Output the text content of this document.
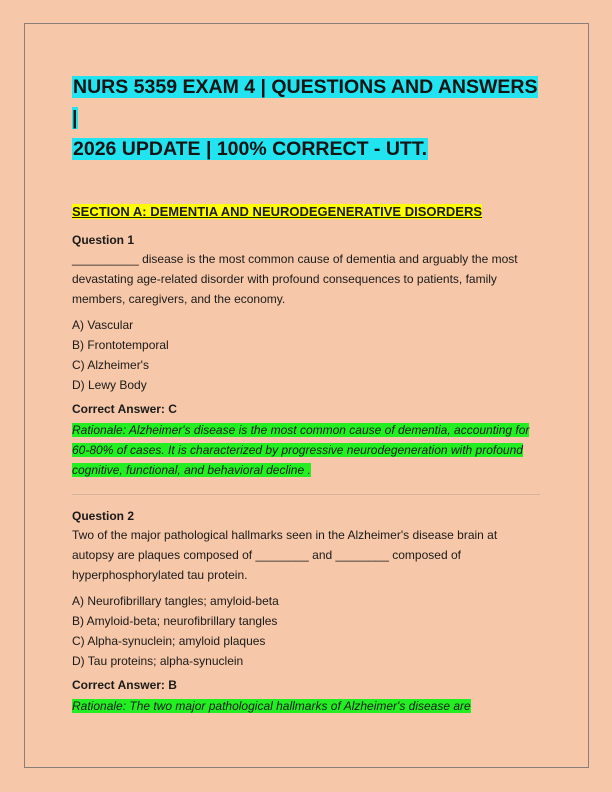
NURS 5359 EXAM 4 | QUESTIONS AND ANSWERS |
2026 UPDATE | 100% CORRECT - UTT.
SECTION A: DEMENTIA AND NEURODEGENERATIVE DISORDERS

Question 1

__________ disease is the most common cause of dementia and arguably the most devastating age-related disorder with profound consequences to patients, family members, caregivers, and the economy.

A) Vascular
B) Frontotemporal
C) Alzheimer's
D) Lewy Body

Correct Answer: C

Rationale: Alzheimer's disease is the most common cause of dementia, accounting for 60-80% of cases. It is characterized by progressive neurodegeneration with profound cognitive, functional, and behavioral decline .

Question 2

Two of the major pathological hallmarks seen in the Alzheimer's disease brain at autopsy are plaques composed of ________ and ________ composed of hyperphosphorylated tau protein.

A) Neurofibrillary tangles; amyloid-beta
B) Amyloid-beta; neurofibrillary tangles
C) Alpha-synuclein; amyloid plaques
D) Tau proteins; alpha-synuclein

Correct Answer: B

Rationale: The two major pathological hallmarks of Alzheimer's disease are
